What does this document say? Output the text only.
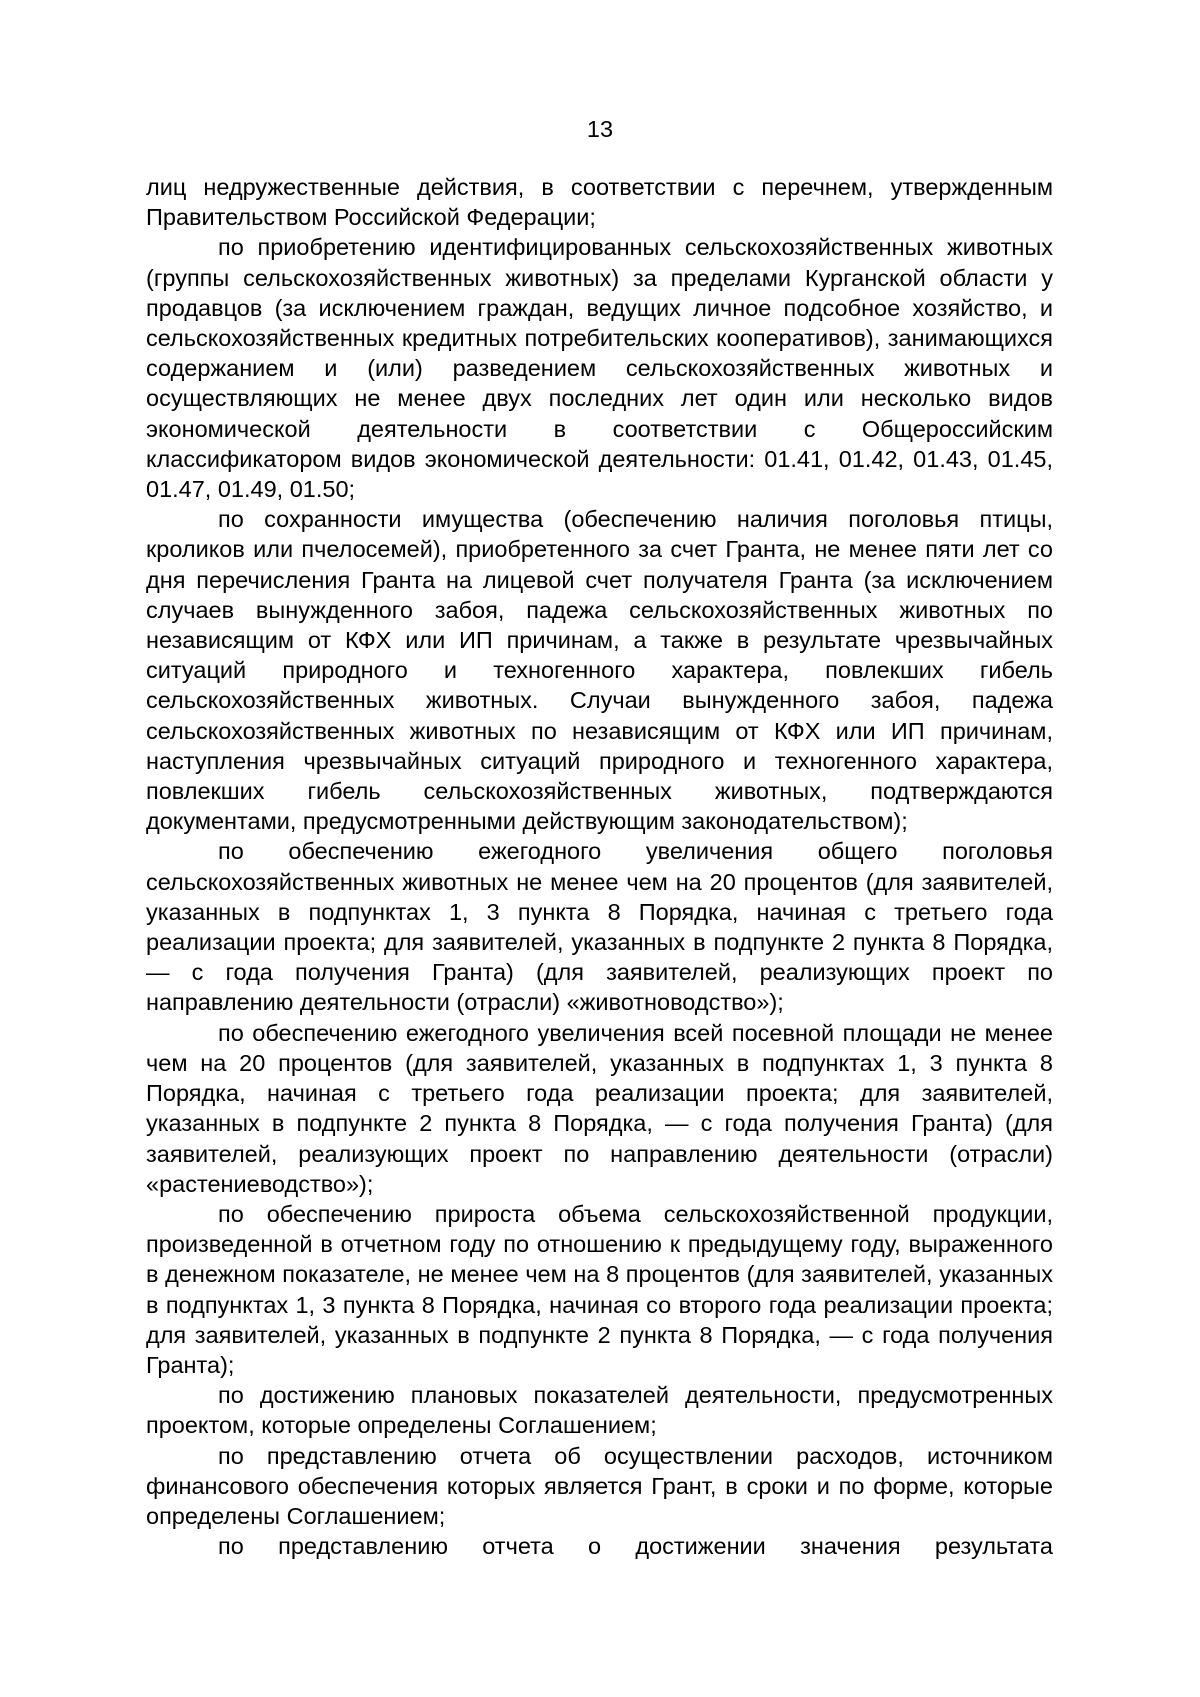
13

лиц недружественные действия, в соответствии с перечнем, утвержденным Правительством Российской Федерации;

по приобретению идентифицированных сельскохозяйственных животных (группы сельскохозяйственных животных) за пределами Курганской области у продавцов (за исключением граждан, ведущих личное подсобное хозяйство, и сельскохозяйственных кредитных потребительских кооперативов), занимающихся содержанием и (или) разведением сельскохозяйственных животных и осуществляющих не менее двух последних лет один или несколько видов экономической деятельности в соответствии с Общероссийским классификатором видов экономической деятельности: 01.41, 01.42, 01.43, 01.45, 01.47, 01.49, 01.50;

по сохранности имущества (обеспечению наличия поголовья птицы, кроликов или пчелосемей), приобретенного за счет Гранта, не менее пяти лет со дня перечисления Гранта на лицевой счет получателя Гранта (за исключением случаев вынужденного забоя, падежа сельскохозяйственных животных по независящим от КФХ или ИП причинам, а также в результате чрезвычайных ситуаций природного и техногенного характера, повлекших гибель сельскохозяйственных животных. Случаи вынужденного забоя, падежа сельскохозяйственных животных по независящим от КФХ или ИП причинам, наступления чрезвычайных ситуаций природного и техногенного характера, повлекших гибель сельскохозяйственных животных, подтверждаются документами, предусмотренными действующим законодательством);

по обеспечению ежегодного увеличения общего поголовья сельскохозяйственных животных не менее чем на 20 процентов (для заявителей, указанных в подпунктах 1, 3 пункта 8 Порядка, начиная с третьего года реализации проекта; для заявителей, указанных в подпункте 2 пункта 8 Порядка, — с года получения Гранта) (для заявителей, реализующих проект по направлению деятельности (отрасли) «животноводство»);

по обеспечению ежегодного увеличения всей посевной площади не менее чем на 20 процентов (для заявителей, указанных в подпунктах 1, 3 пункта 8 Порядка, начиная с третьего года реализации проекта; для заявителей, указанных в подпункте 2 пункта 8 Порядка, — с года получения Гранта) (для заявителей, реализующих проект по направлению деятельности (отрасли) «растениеводство»);

по обеспечению прироста объема сельскохозяйственной продукции, произведенной в отчетном году по отношению к предыдущему году, выраженного в денежном показателе, не менее чем на 8 процентов (для заявителей, указанных в подпунктах 1, 3 пункта 8 Порядка, начиная со второго года реализации проекта; для заявителей, указанных в подпункте 2 пункта 8 Порядка, — с года получения Гранта);

по достижению плановых показателей деятельности, предусмотренных проектом, которые определены Соглашением;

по представлению отчета об осуществлении расходов, источником финансового обеспечения которых является Грант, в сроки и по форме, которые определены Соглашением;

по представлению отчета о достижении значения результата
